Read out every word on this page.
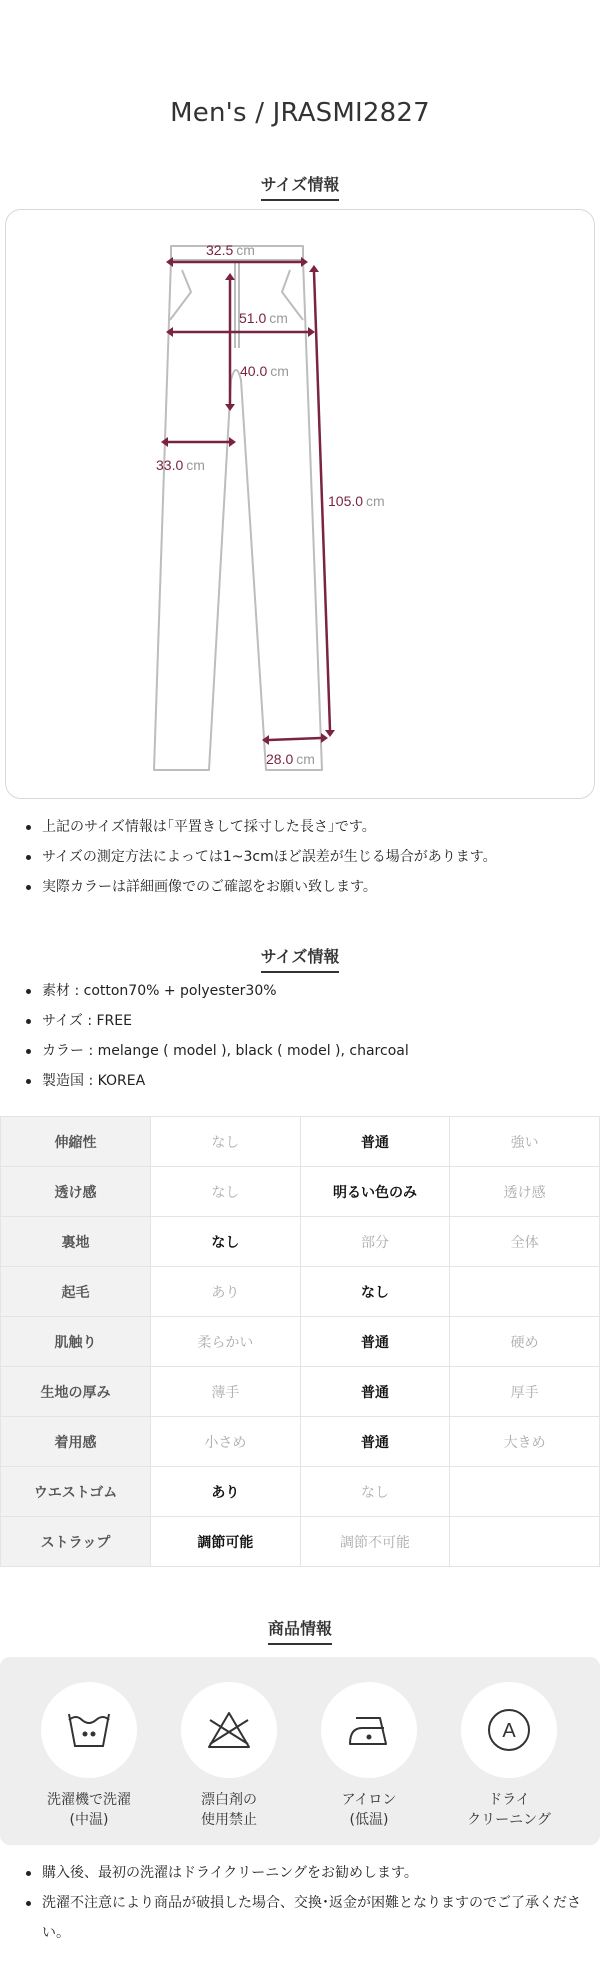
Men's / JRASMI2827
サイズ情報
32.5 cm
51.0 cm
40.0 cm
33.0 cm
105.0 cm
28.0 cm
上記のサイズ情報は｢平置きして採寸した長さ｣です。
サイズの測定方法によっては1~3cmほど誤差が生じる場合があります。
実際カラーは詳細画像でのご確認をお願い致します。
サイズ情報
素材 : cotton70% + polyester30%
サイズ : FREE
カラー : melange ( model ), black ( model ), charcoal
製造国 : KOREA
伸縮性	なし	普通	強い
透け感	なし	明るい色のみ	透け感
裏地	なし	部分	全体
起毛	あり	なし	
肌触り	柔らかい	普通	硬め
生地の厚み	薄手	普通	厚手
着用感	小さめ	普通	大きめ
ウエストゴム	あり	なし	
ストラップ	調節可能	調節不可能	
商品情報
洗濯機で洗濯
(中温)
漂白剤の
使用禁止
アイロン
(低温)
A
ドライ
クリーニング
購入後、最初の洗濯はドライクリーニングをお勧めします。
洗濯不注意により商品が破損した場合、交換･返金が困難となりますのでご了承ください。
